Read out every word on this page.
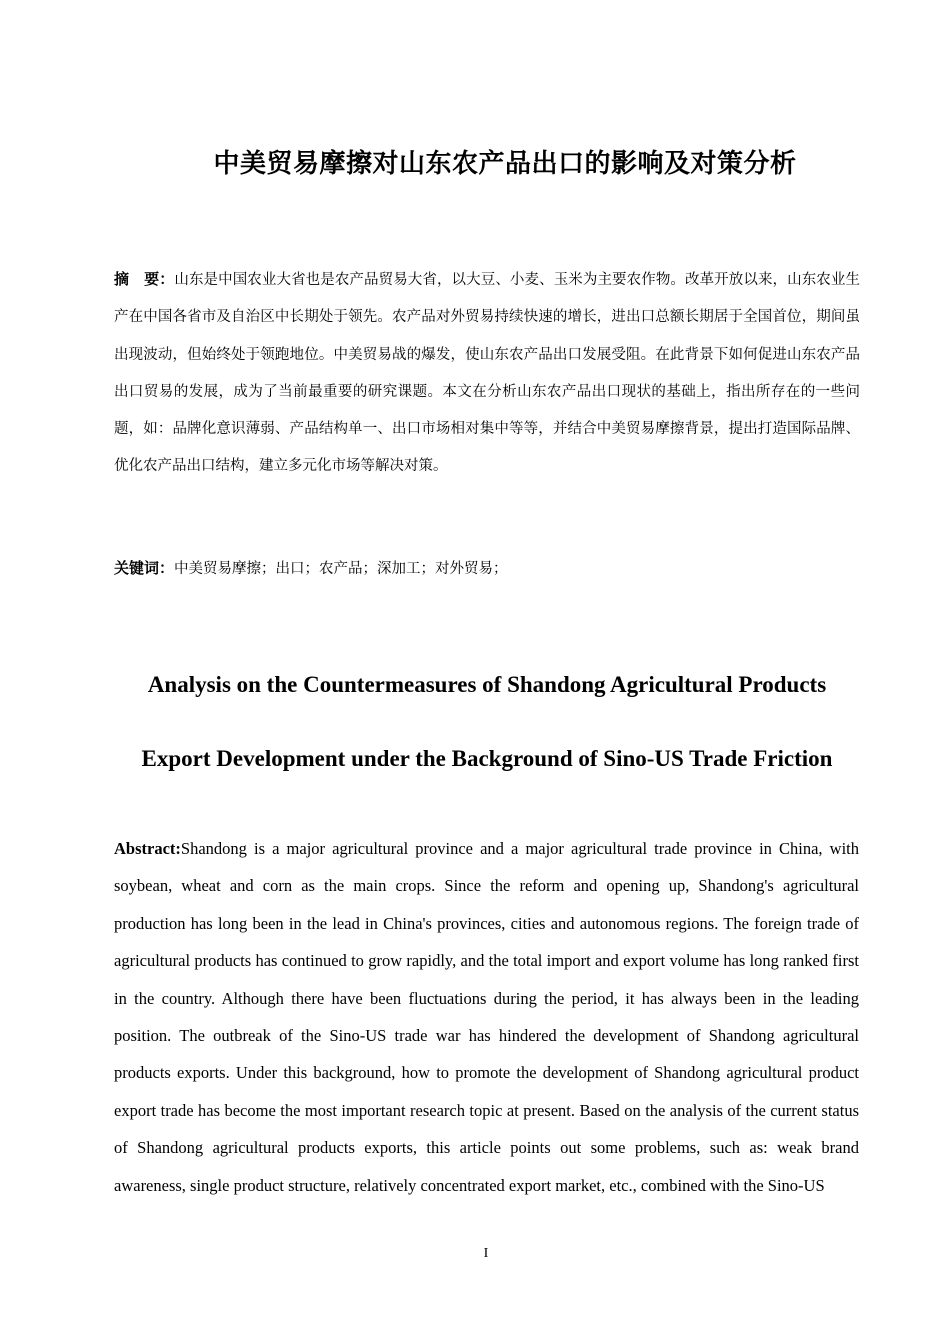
中美贸易摩擦对山东农产品出口的影响及对策分析

摘　要：山东是中国农业大省也是农产品贸易大省，以大豆、小麦、玉米为主要农作物。改革开放以来，山东农业生产在中国各省市及自治区中长期处于领先。农产品对外贸易持续快速的增长，进出口总额长期居于全国首位，期间虽出现波动，但始终处于领跑地位。中美贸易战的爆发，使山东农产品出口发展受阻。在此背景下如何促进山东农产品出口贸易的发展，成为了当前最重要的研究课题。本文在分析山东农产品出口现状的基础上，指出所存在的一些问题，如：品牌化意识薄弱、产品结构单一、出口市场相对集中等等，并结合中美贸易摩擦背景，提出打造国际品牌、优化农产品出口结构，建立多元化市场等解决对策。

关键词：中美贸易摩擦；出口；农产品；深加工；对外贸易；

Analysis on the Countermeasures of Shandong Agricultural Products
Export Development under the Background of Sino-US Trade Friction

Abstract:Shandong is a major agricultural province and a major agricultural trade province in China, with soybean, wheat and corn as the main crops. Since the reform and opening up, Shandong's agricultural production has long been in the lead in China's provinces, cities and autonomous regions. The foreign trade of agricultural products has continued to grow rapidly, and the total import and export volume has long ranked first in the country. Although there have been fluctuations during the period, it has always been in the leading position. The outbreak of the Sino-US trade war has hindered the development of Shandong agricultural products exports. Under this background, how to promote the development of Shandong agricultural product export trade has become the most important research topic at present. Based on the analysis of the current status of Shandong agricultural products exports, this article points out some problems, such as: weak brand awareness, single product structure, relatively concentrated export market, etc., combined with the Sino-US

I
